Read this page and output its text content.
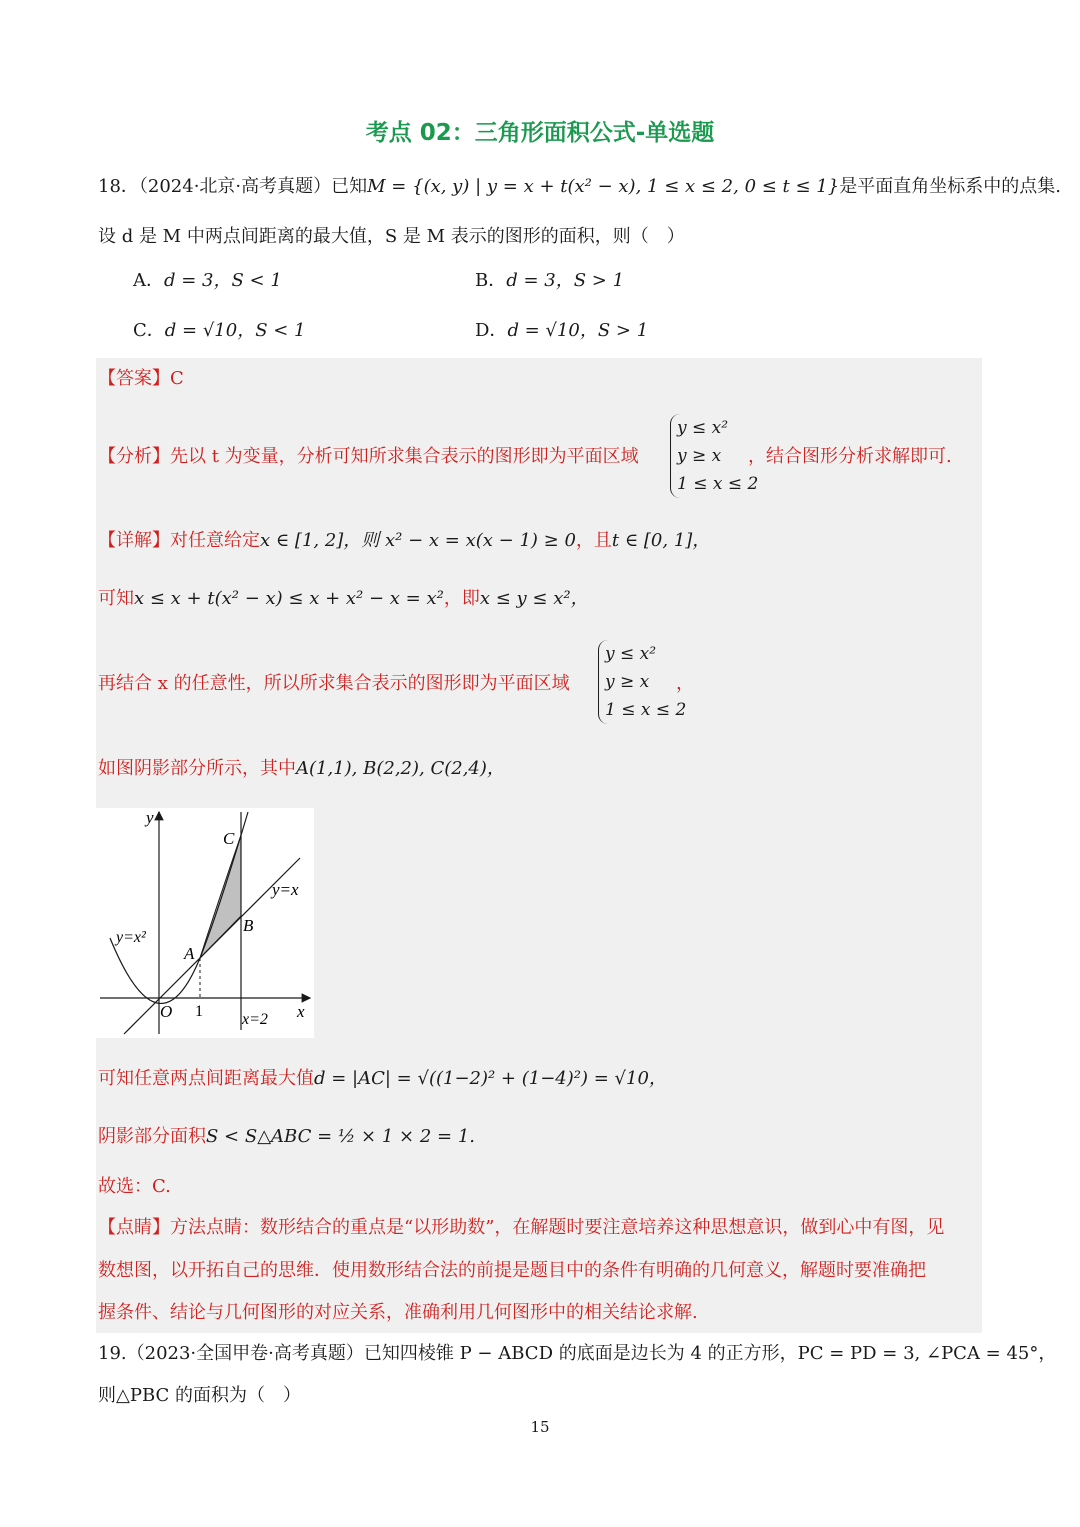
考点 02：三角形面积公式-单选题
18．（2024·北京·高考真题）已知M = {(x, y) | y = x + t(x² − x), 1 ≤ x ≤ 2, 0 ≤ t ≤ 1}是平面直角坐标系中的点集.
设 d 是 M 中两点间距离的最大值，S 是 M 表示的图形的面积，则（　）
A．d = 3，S < 1	B．d = 3，S > 1
C．d = √10，S < 1	D．d = √10，S > 1
【答案】C
【分析】先以 t 为变量，分析可知所求集合表示的图形即为平面区域
y ≤ x²
y ≥ x
1 ≤ x ≤ 2
，结合图形分析求解即可.
【详解】对任意给定x ∈ [1, 2]，则 x² − x = x(x − 1) ≥ 0，且t ∈ [0, 1]，
可知x ≤ x + t(x² − x) ≤ x + x² − x = x²，即x ≤ y ≤ x²，
再结合 x 的任意性，所以所求集合表示的图形即为平面区域
y ≤ x²
y ≥ x
1 ≤ x ≤ 2
，
如图阴影部分所示，其中A(1,1), B(2,2), C(2,4)，
y
x
O 1
A
B
C
y=x
y=x²
x=2
可知任意两点间距离最大值d = |AC| = √((1−2)² + (1−4)²) = √10，
阴影部分面积S < S△ABC = ½ × 1 × 2 = 1.
故选：C.
【点睛】方法点睛：数形结合的重点是“以形助数”，在解题时要注意培养这种思想意识，做到心中有图，见
数想图，以开拓自己的思维．使用数形结合法的前提是题目中的条件有明确的几何意义，解题时要准确把
握条件、结论与几何图形的对应关系，准确利用几何图形中的相关结论求解.
19.（2023·全国甲卷·高考真题）已知四棱锥 P − ABCD 的底面是边长为 4 的正方形，PC = PD = 3, ∠PCA = 45°，
则△PBC 的面积为（　）
15
